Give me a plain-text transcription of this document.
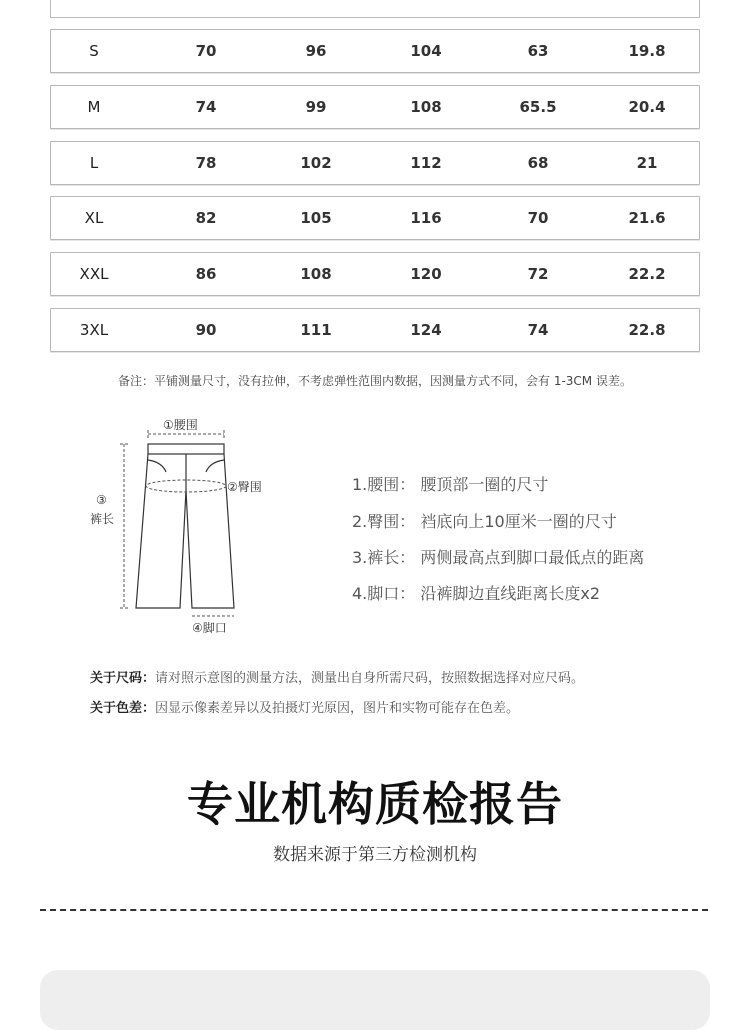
S	70	96	104	63	19.8
M	74	99	108	65.5	20.4
L	78	102	112	68	21
XL	82	105	116	70	21.6
XXL	86	108	120	72	22.2
3XL	90	111	124	74	22.8
备注：平铺测量尺寸，没有拉伸，不考虑弹性范围内数据，因测量方式不同，会有 1-3CM 误差。
①腰围
②臀围
③
裤长
④脚口
1.腰围： 腰顶部一圈的尺寸
2.臀围： 裆底向上10厘米一圈的尺寸
3.裤长： 两侧最高点到脚口最低点的距离
4.脚口： 沿裤脚边直线距离长度x2
关于尺码：请对照示意图的测量方法，测量出自身所需尺码，按照数据选择对应尺码。
关于色差：因显示像素差异以及拍摄灯光原因，图片和实物可能存在色差。
专业机构质检报告
数据来源于第三方检测机构
